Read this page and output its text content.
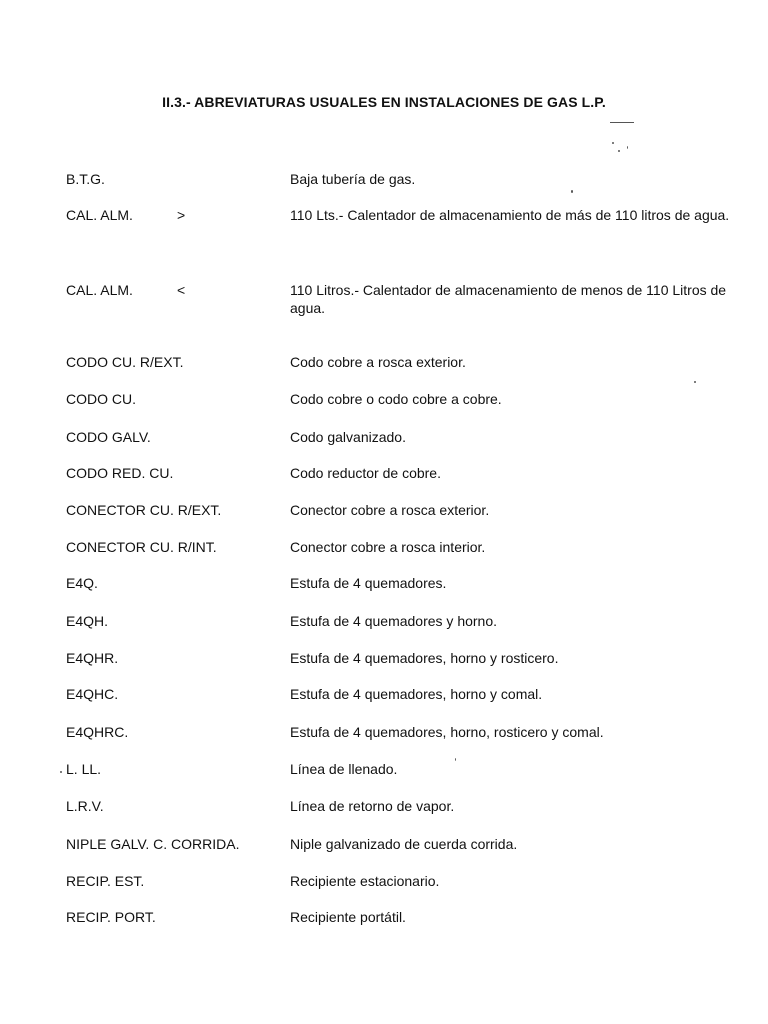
II.3.- ABREVIATURAS USUALES EN INSTALACIONES DE GAS L.P.
B.T.G.	Baja tubería de gas.
CAL. ALM.	>	110 Lts.- Calentador de almacenamiento de más de 110 litros de agua.
CAL. ALM.	<	110 Litros.- Calentador de almacenamiento de menos de 110 Litros de agua.
CODO CU. R/EXT.	Codo cobre a rosca exterior.
CODO CU.	Codo cobre o codo cobre a cobre.
CODO GALV.	Codo galvanizado.
CODO RED. CU.	Codo reductor de cobre.
CONECTOR CU. R/EXT.	Conector cobre a rosca exterior.
CONECTOR CU. R/INT.	Conector cobre a rosca interior.
E4Q.	Estufa de 4 quemadores.
E4QH.	Estufa de 4 quemadores y horno.
E4QHR.	Estufa de 4 quemadores, horno y rosticero.
E4QHC.	Estufa de 4 quemadores, horno y comal.
E4QHRC.	Estufa de 4 quemadores, horno, rosticero y comal.
L. LL.	Línea de llenado.
L.R.V.	Línea de retorno de vapor.
NIPLE GALV. C. CORRIDA.	Niple galvanizado de cuerda corrida.
RECIP. EST.	Recipiente estacionario.
RECIP. PORT.	Recipiente portátil.
